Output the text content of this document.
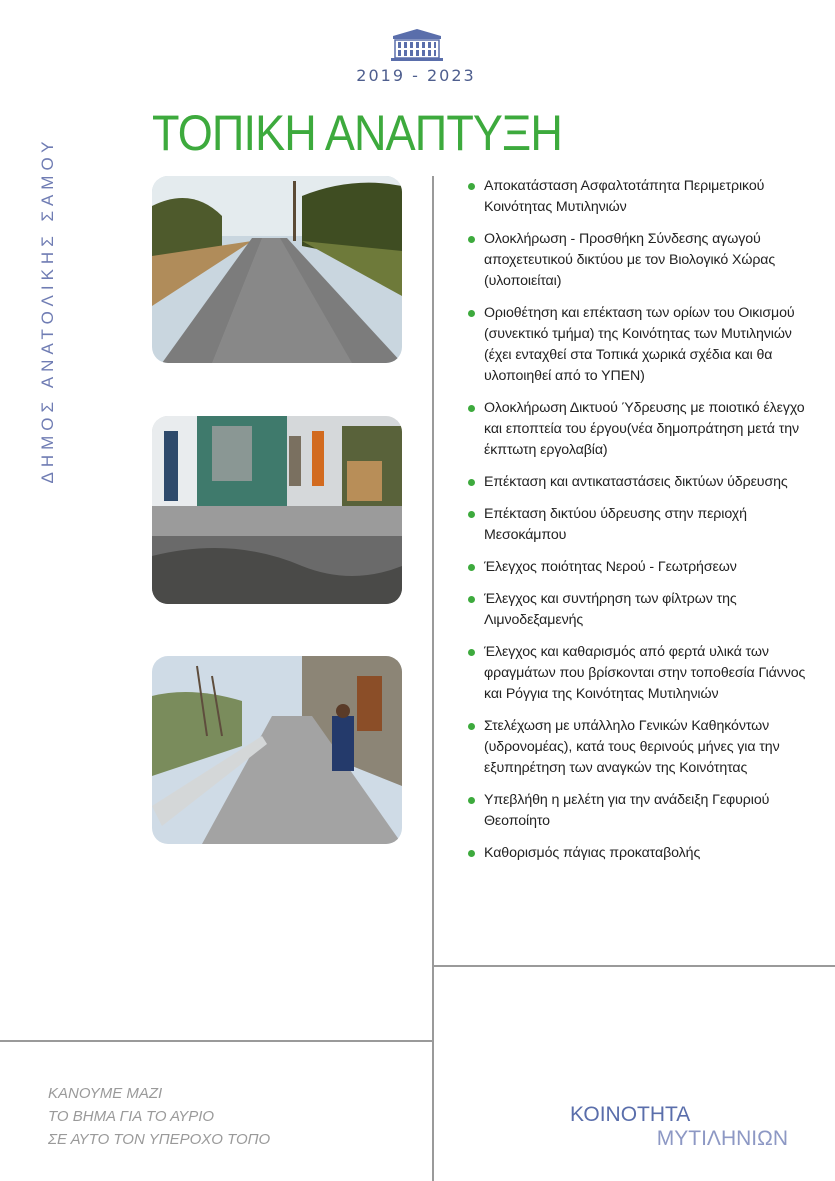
2019 - 2023
ΔΗΜΟΣ ΑΝΑΤΟΛΙΚΗΣ ΣΑΜΟΥ
ΤΟΠΙΚΗ ΑΝΑΠΤΥΞΗ
Αποκατάσταση Ασφαλτοτάπητα Περιμετρικού Κοινότητας Μυτιληνιών
Ολοκλήρωση - Προσθήκη Σύνδεσης αγωγού αποχετευτικού δικτύου με τον Βιολογικό Χώρας (υλοποιείται)
Οριοθέτηση και επέκταση των ορίων του Οικισμού (συνεκτικό τμήμα) της Κοινότητας των Μυτιληνιών (έχει ενταχθεί στα Τοπικά χωρικά σχέδια και θα υλοποιηθεί από το ΥΠΕΝ)
Ολοκλήρωση Δικτυού Ύδρευσης με ποιοτικό έλεγχο και εποπτεία του έργου(νέα δημοπράτηση μετά την έκπτωτη εργολαβία)
Επέκταση και αντικαταστάσεις δικτύων ύδρευσης
Επέκταση δικτύου ύδρευσης στην περιοχή Μεσοκάμπου
Έλεγχος ποιότητας Νερού - Γεωτρήσεων
Έλεγχος και συντήρηση των φίλτρων της Λιμνοδεξαμενής
Έλεγχος και καθαρισμός από φερτά υλικά των φραγμάτων που βρίσκονται στην τοποθεσία Γιάννος και Ρόγγια της Κοινότητας Μυτιληνιών
Στελέχωση με υπάλληλο Γενικών Καθηκόντων (υδρονομέας), κατά τους θερινούς μήνες για την εξυπηρέτηση των αναγκών της Κοινότητας
Υπεβλήθη η μελέτη για την ανάδειξη Γεφυριού Θεοποίητο
Καθορισμός πάγιας προκαταβολής
ΚΑΝΟΥΜΕ ΜΑΖΙ
ΤΟ ΒΗΜΑ ΓΙΑ ΤΟ ΑΥΡΙΟ
ΣΕ ΑΥΤΟ ΤΟΝ ΥΠΕΡΟΧΟ ΤΟΠΟ
ΚΟΙΝΟΤΗΤΑ
ΜΥΤΙΛΗΝΙΩΝ
